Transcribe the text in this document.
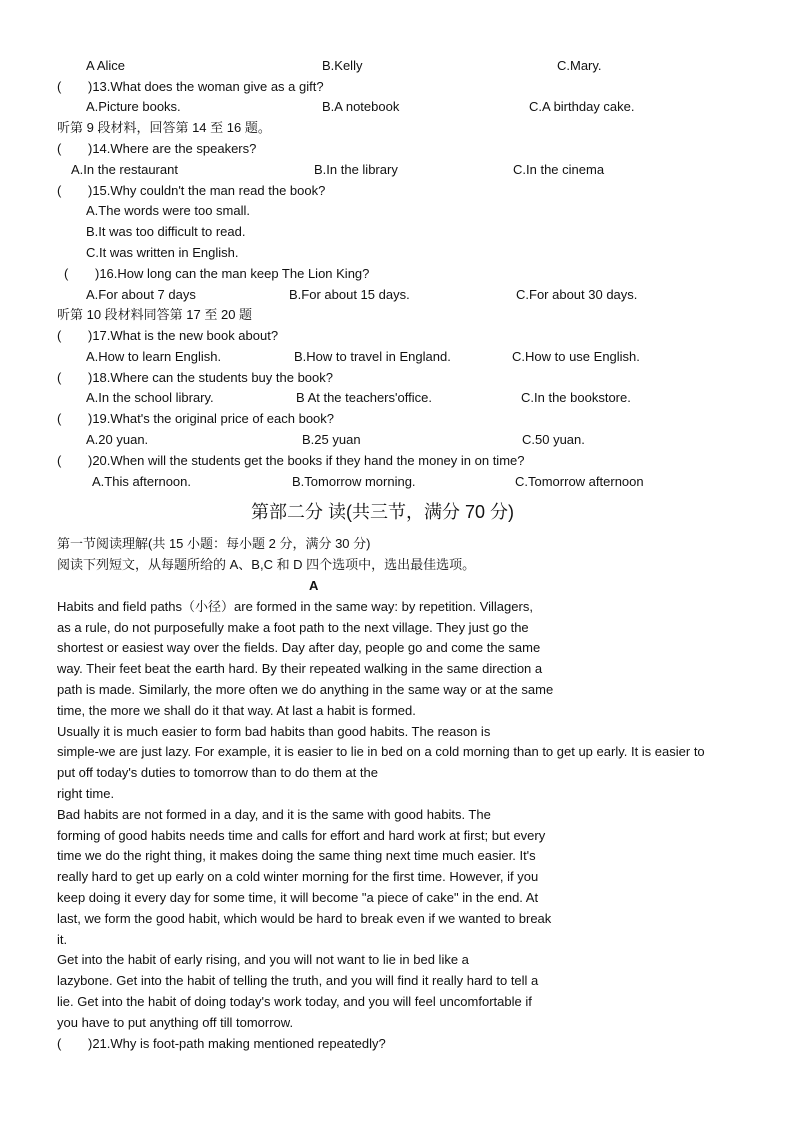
A Alice	B.Kelly	C.Mary.
( )13.What does the woman give as a gift?
A.Picture books.	B.A notebook	C.A birthday cake.
听第 9 段材料，回答第 14 至 16 题。
( )14.Where are the speakers?
A.In the restaurant	B.In the library	C.In the cinema
( )15.Why couldn't the man read the book?
A.The words were too small.
B.It was too difficult to read.
C.It was written in English.
( )16.How long can the man keep The Lion King?
A.For about 7 days	B.For about 15 days.	C.For about 30 days.
听第 10 段材料同答第 17 至 20 题
( )17.What is the new book about?
A.How to learn English.	B.How to travel in England.	C.How to use English.
( )18.Where can the students buy the book?
A.In the school library.	B At the teachers'office.	C.In the bookstore.
( )19.What's the original price of each book?
A.20 yuan.	B.25 yuan	C.50 yuan.
( )20.When will the students get the books if they hand the money in on time?
A.This afternoon.	B.Tomorrow morning.	C.Tomorrow afternoon
第部二分 读(共三节，满分 70 分)
第一节阅读理解(共 15 小题：每小题 2 分，满分 30 分)
阅读下列短文，从每题所给的 A、B,C 和 D 四个选项中，选出最佳选项。
A
Habits and field paths（小径）are formed in the same way: by repetition. Villagers,
as a rule, do not purposefully make a foot path to the next village. They just go the
shortest or easiest way over the fields. Day after day, people go and come the same
way. Their feet beat the earth hard. By their repeated walking in the same direction a
path is made. Similarly, the more often we do anything in the same way or at the same
time, the more we shall do it that way. At last a habit is formed.
Usually it is much easier to form bad habits than good habits. The reason is
simple-we are just lazy. For example, it is easier to lie in bed on a cold morning than to get up early. It is easier to
put off today's duties to tomorrow than to do them at the
right time.
Bad habits are not formed in a day, and it is the same with good habits. The
forming of good habits needs time and calls for effort and hard work at first; but every
time we do the right thing, it makes doing the same thing next time much easier. It's
really hard to get up early on a cold winter morning for the first time. However, if you
keep doing it every day for some time, it will become "a piece of cake" in the end. At
last, we form the good habit, which would be hard to break even if we wanted to break
it.
Get into the habit of early rising, and you will not want to lie in bed like a
lazybone. Get into the habit of telling the truth, and you will find it really hard to tell a
lie. Get into the habit of doing today's work today, and you will feel uncomfortable if
you have to put anything off till tomorrow.
( )21.Why is foot-path making mentioned repeatedly?
